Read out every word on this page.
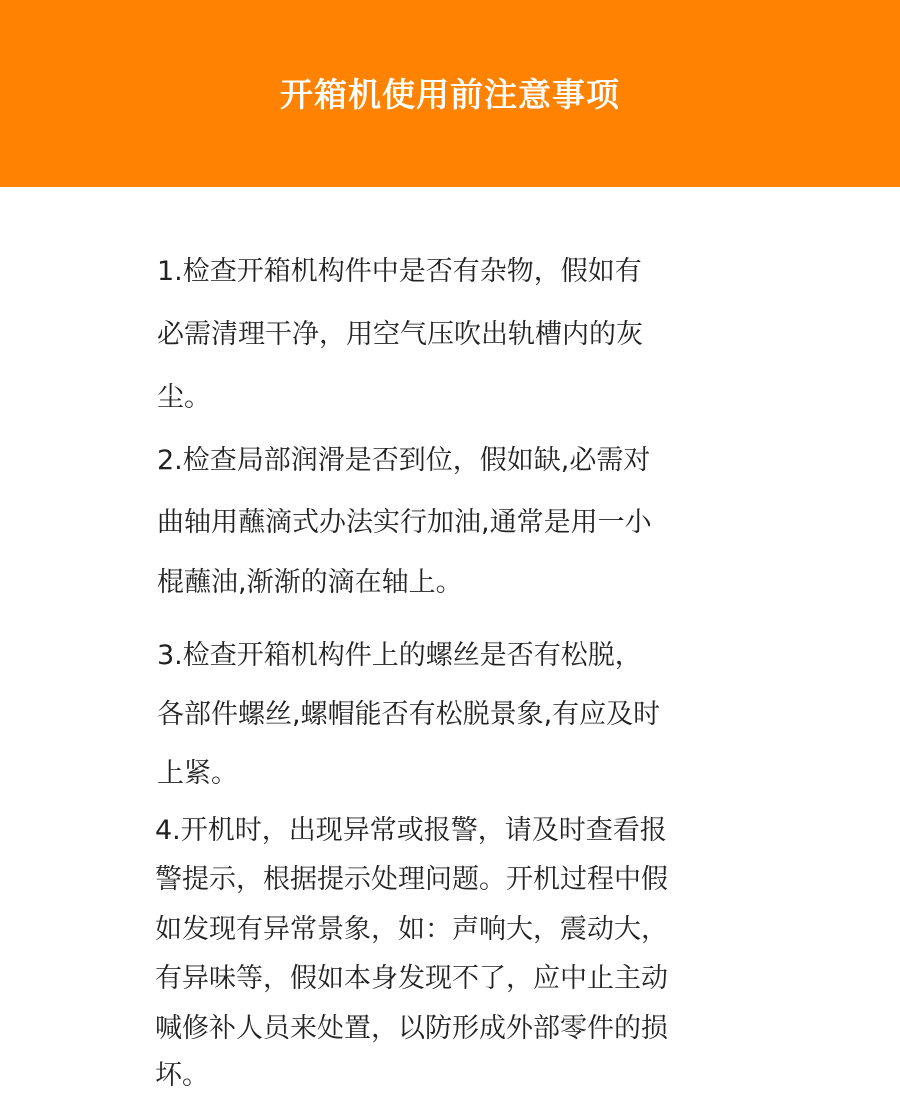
开箱机使用前注意事项
1.检查开箱机构件中是否有杂物，假如有
必需清理干净，用空气压吹出轨槽内的灰
尘。
2.检查局部润滑是否到位，假如缺,必需对
曲轴用蘸滴式办法实行加油,通常是用一小
棍蘸油,渐渐的滴在轴上。
3.检查开箱机构件上的螺丝是否有松脱，
各部件螺丝,螺帽能否有松脱景象,有应及时
上紧。
4.开机时，出现异常或报警，请及时查看报
警提示，根据提示处理问题。开机过程中假
如发现有异常景象，如：声响大，震动大，
有异味等，假如本身发现不了，应中止主动
喊修补人员来处置，以防形成外部零件的损
坏。
